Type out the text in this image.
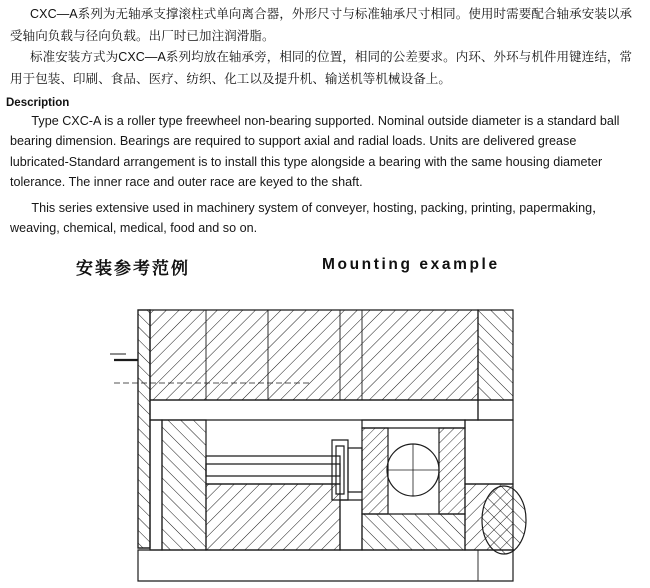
CXC—A系列为无轴承支撑滚柱式单向离合器，外形尺寸与标准轴承尺寸相同。使用时需要配合轴承安装以承受轴向负载与径向负载。出厂时已加注润滑脂。

标准安装方式为CXC—A系列均放在轴承旁，相同的位置，相同的公差要求。内环、外环与机件用键连结，常用于包装、印刷、食品、医疗、纺织、化工以及提升机、输送机等机械设备上。

Description

Type CXC-A is a roller type freewheel non-bearing supported. Nominal outside diameter is a standard ball bearing dimension. Bearings are required to support axial and radial loads. Units are delivered grease lubricated-Standard arrangement is to install this type alongside a bearing with the same housing diameter tolerance. The inner race and outer race are keyed to the shaft.

This series extensive used in machinery system of conveyer, hosting, packing, printing, papermaking，weaving, chemical, medical, food and so on.

安装参考范例	Mounting example
